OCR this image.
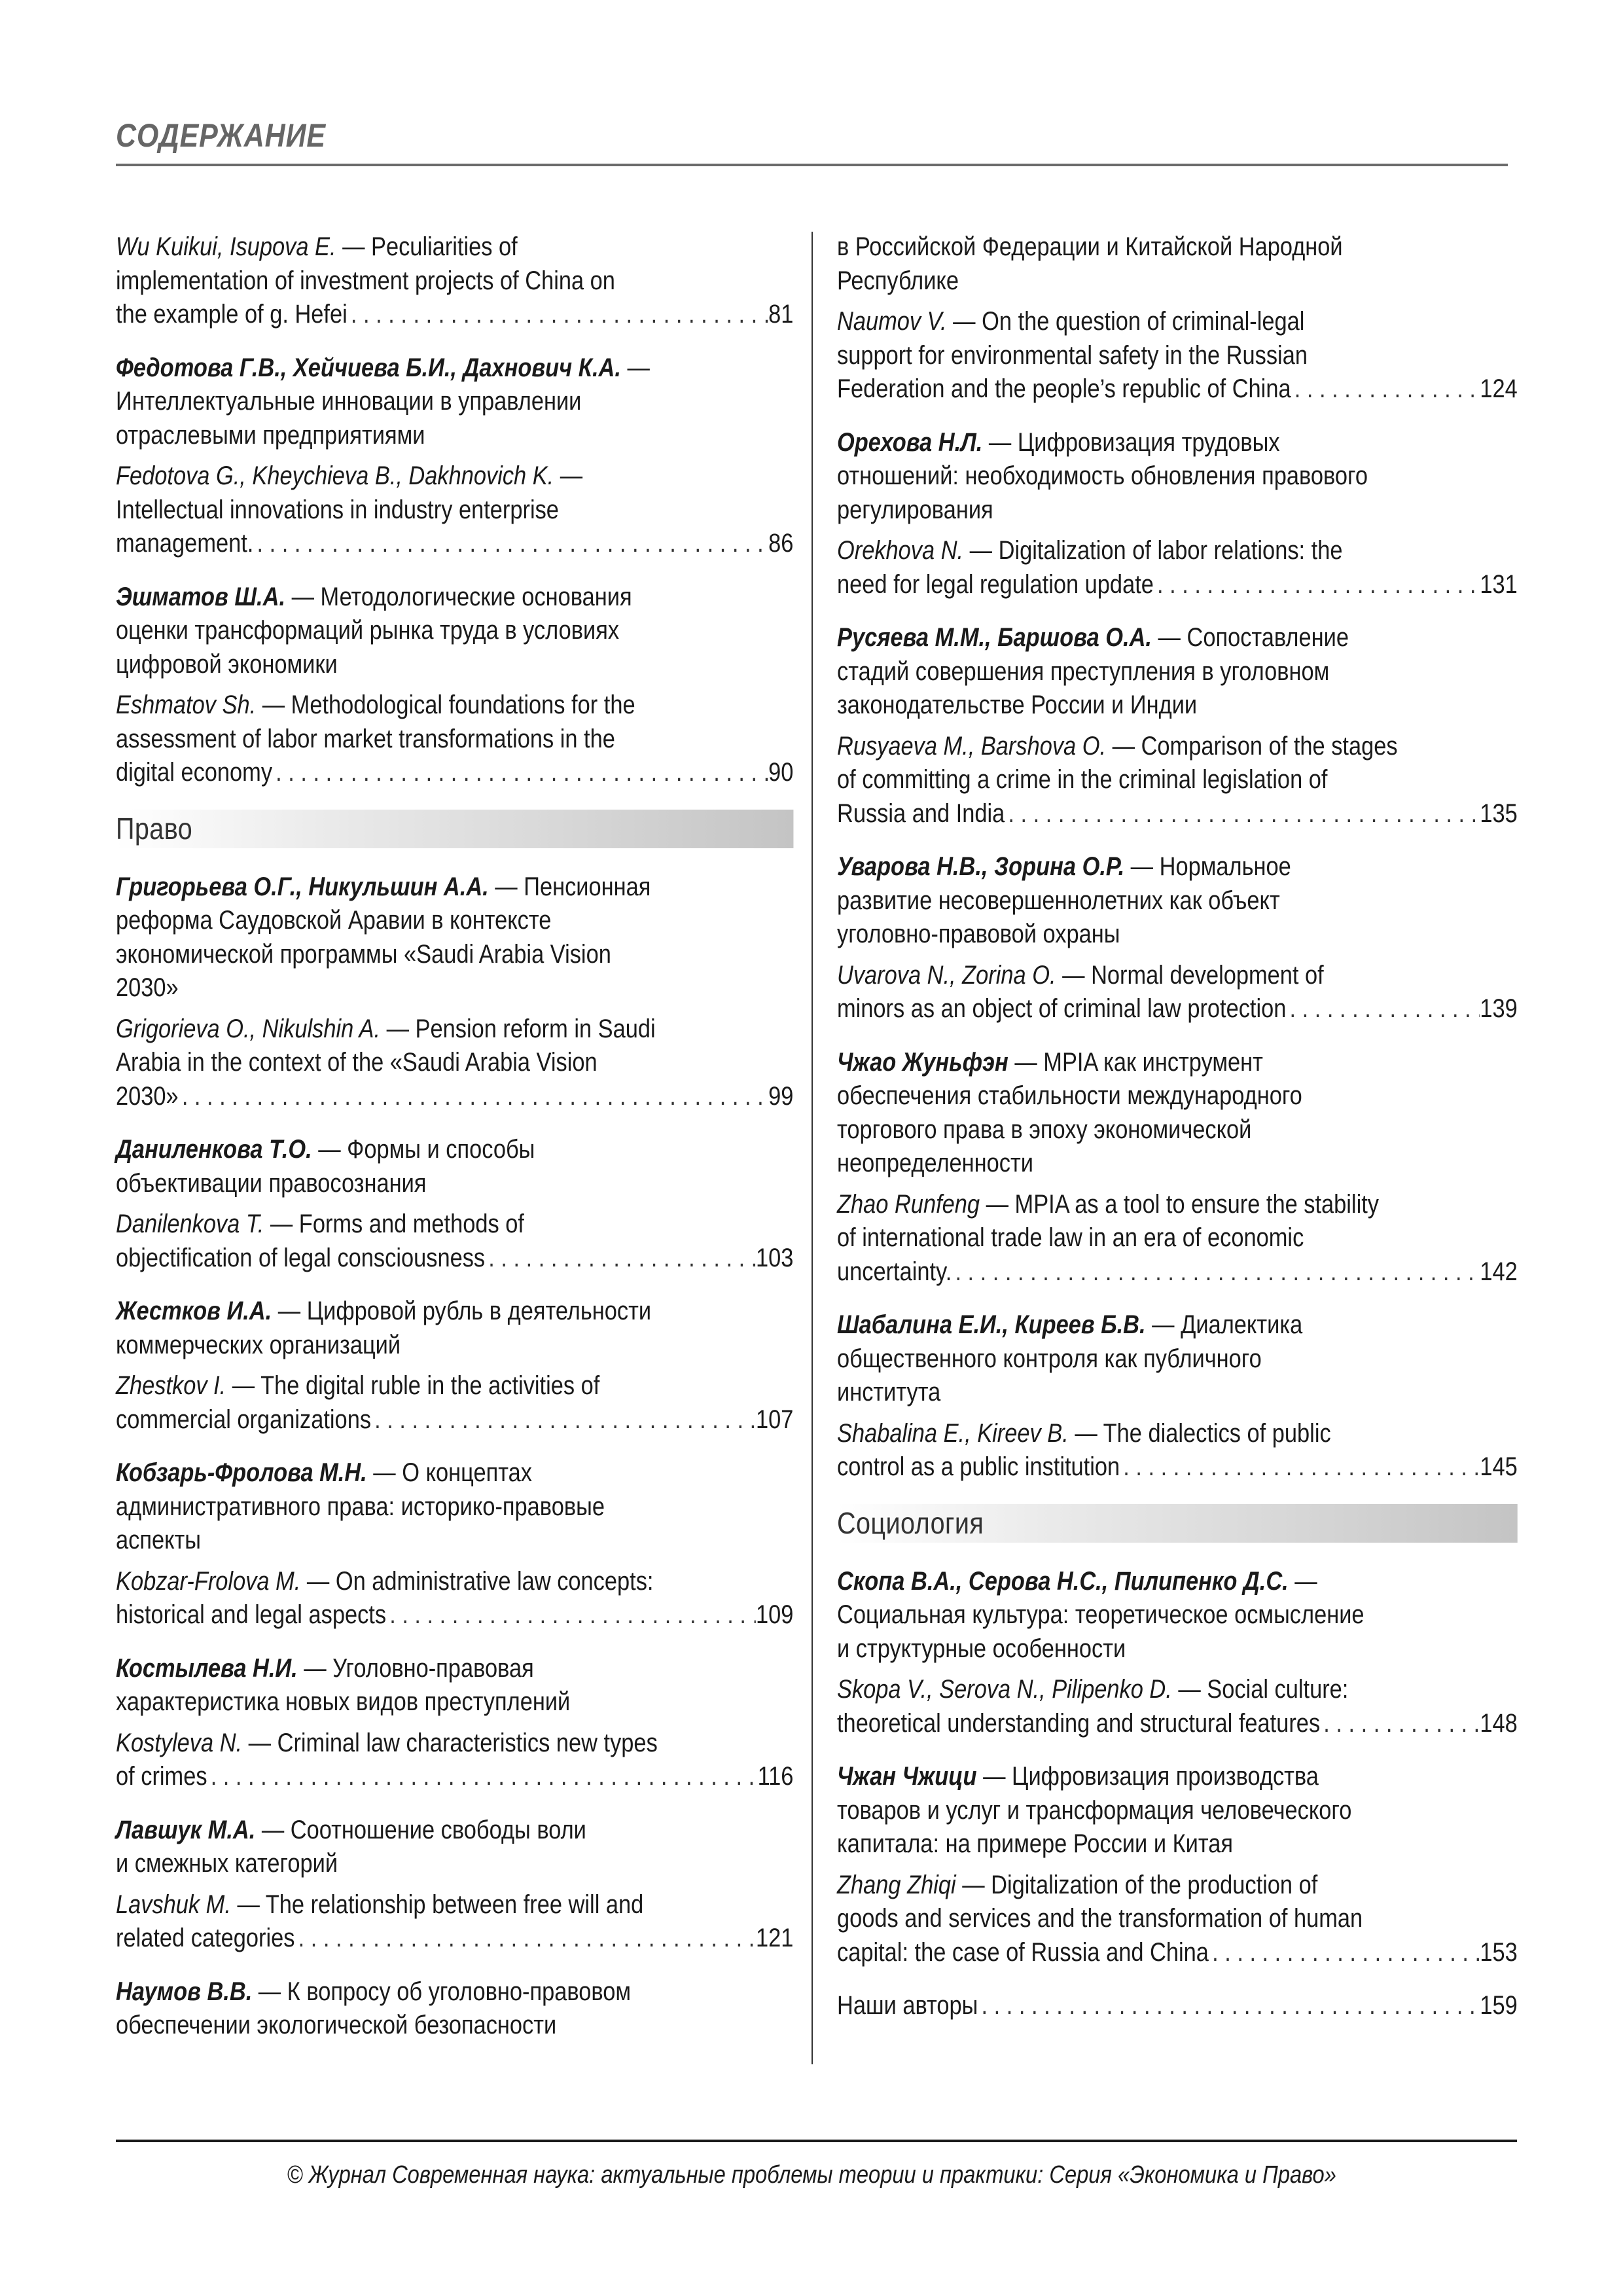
СОДЕРЖАНИЕ
Wu Kuikui, Isupova E. — Peculiarities of
implementation of investment projects of China on
the example of g. Hefei . . .	81
Федотова Г.В., Хейчиева Б.И., Дахнович К.А. —
Интеллектуальные инновации в управлении
отраслевыми предприятиями
Fedotova G., Kheychieva B., Dakhnovich K. —
Intellectual innovations in industry enterprise
management. . . .	86
Эшматов Ш.А. — Методологические основания
оценки трансформаций рынка труда в условиях
цифровой экономики
Eshmatov Sh. — Methodological foundations for the
assessment of labor market transformations in the
digital economy . . .	90
Право
Григорьева О.Г., Никульшин А.А. — Пенсионная
реформа Саудовской Аравии в контексте
экономической программы «Saudi Arabia Vision
2030»
Grigorieva O., Nikulshin A. — Pension reform in Saudi
Arabia in the context of the «Saudi Arabia Vision
2030» . . .	99
Даниленкова Т.О. — Формы и способы
объективации правосознания
Danilenkova T. — Forms and methods of
objectification of legal consciousness . . .	103
Жестков И.А. — Цифровой рубль в деятельности
коммерческих организаций
Zhestkov I. — The digital ruble in the activities of
commercial organizations . . .	107
Кобзарь-Фролова М.Н. — О концептах
административного права: историко-правовые
аспекты
Kobzar-Frolova M. — On administrative law concepts:
historical and legal aspects . . .	109
Костылева Н.И. — Уголовно-правовая
характеристика новых видов преступлений
Kostyleva N. — Criminal law characteristics new types
of crimes . . .	116
Лавшук М.А. — Соотношение свободы воли
и смежных категорий
Lavshuk M. — The relationship between free will and
related categories . . .	121
Наумов В.В. — К вопросу об уголовно-правовом
обеспечении экологической безопасности
в Российской Федерации и Китайской Народной
Республике
Naumov V. — On the question of criminal-legal
support for environmental safety in the Russian
Federation and the people’s republic of China . . .	124
Орехова Н.Л. — Цифровизация трудовых
отношений: необходимость обновления правового
регулирования
Orekhova N. — Digitalization of labor relations: the
need for legal regulation update . . .	131
Русяева М.М., Баршова О.А. — Сопоставление
стадий совершения преступления в уголовном
законодательстве России и Индии
Rusyaeva M., Barshova O. — Comparison of the stages
of committing a crime in the criminal legislation of
Russia and India . . .	135
Уварова Н.В., Зорина О.Р. — Нормальное
развитие несовершеннолетних как объект
уголовно-правовой охраны
Uvarova N., Zorina O. — Normal development of
minors as an object of criminal law protection . . .	139
Чжао Жуньфэн — MPIA как инструмент
обеспечения стабильности международного
торгового права в эпоху экономической
неопределенности
Zhao Runfeng — MPIA as a tool to ensure the stability
of international trade law in an era of economic
uncertainty. . . .	142
Шабалина Е.И., Киреев Б.В. — Диалектика
общественного контроля как публичного
института
Shabalina E., Kireev B. — The dialectics of public
control as a public institution . . .	145
Социология
Скопа В.А., Серова Н.С., Пилипенко Д.С. —
Социальная культура: теоретическое осмысление
и структурные особенности
Skopa V., Serova N., Pilipenko D. — Social culture:
theoretical understanding and structural features . . .	148
Чжан Чжици — Цифровизация производства
товаров и услуг и трансформация человеческого
капитала: на примере России и Китая
Zhang Zhiqi — Digitalization of the production of
goods and services and the transformation of human
capital: the case of Russia and China . . .	153
Наши авторы . . .	159
© Журнал Современная наука: актуальные проблемы теории и практики: Серия «Экономика и Право»
